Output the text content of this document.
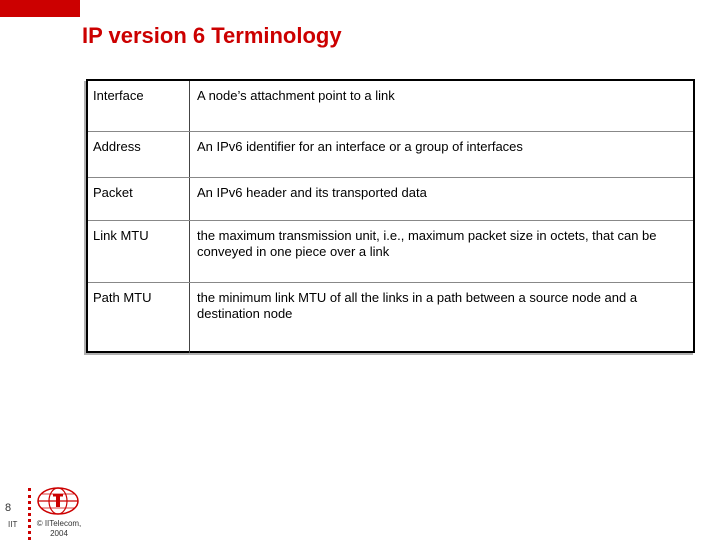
IP version 6 Terminology
Interface	A node’s attachment point to a link
Address	An IPv6 identifier for an interface or a group of interfaces
Packet	An IPv6 header and its transported data
Link MTU	the maximum transmission unit, i.e., maximum packet size in octets, that can be conveyed in one piece over a link
Path MTU	the minimum link MTU of all the links in a path between a source node and a destination node
8
IIT	© IITelecom,
2004
